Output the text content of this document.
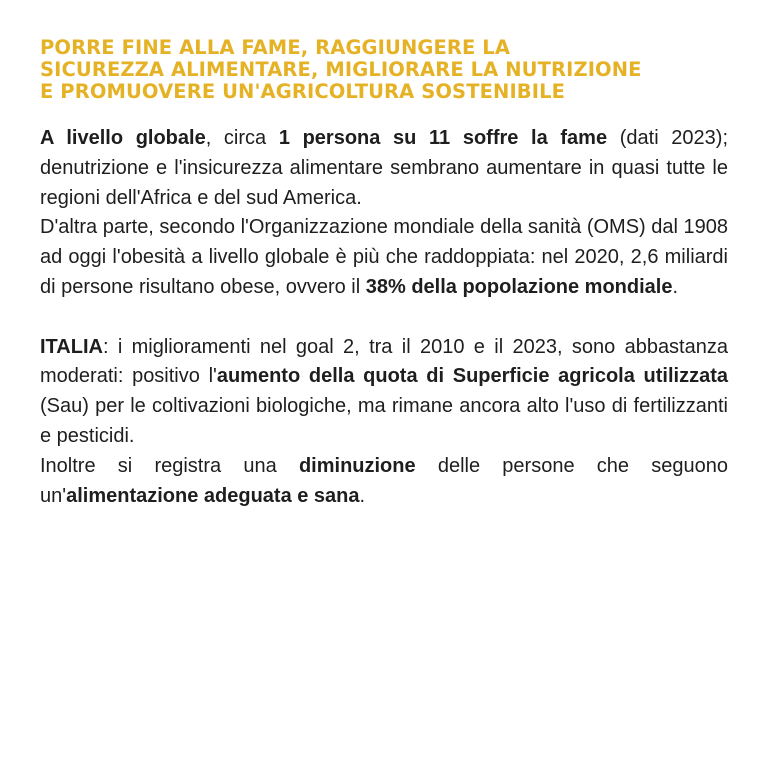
PORRE FINE ALLA FAME, RAGGIUNGERE LA
SICUREZZA ALIMENTARE, MIGLIORARE LA NUTRIZIONE
E PROMUOVERE UN'AGRICOLTURA SOSTENIBILE

A livello globale, circa 1 persona su 11 soffre la fame (dati 2023); denutrizione e l'insicurezza alimentare sembrano aumentare in quasi tutte le regioni dell'Africa e del sud America.

D'altra parte, secondo l'Organizzazione mondiale della sanità (OMS) dal 1908 ad oggi l'obesità a livello globale è più che raddoppiata: nel 2020, 2,6 miliardi di persone risultano obese, ovvero il 38% della popolazione mondiale.

ITALIA: i miglioramenti nel goal 2, tra il 2010 e il 2023, sono abbastanza moderati: positivo l'aumento della quota di Superficie agricola utilizzata (Sau) per le coltivazioni biologiche, ma rimane ancora alto l'uso di fertilizzanti e pesticidi.

Inoltre si registra una diminuzione delle persone che seguono un'alimentazione adeguata e sana.
